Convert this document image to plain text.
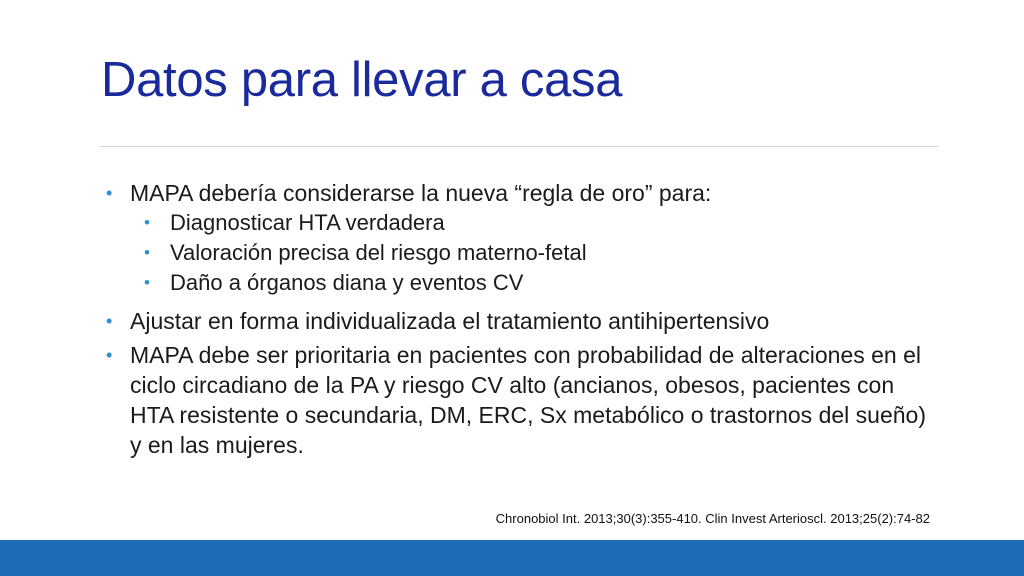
Datos para llevar a casa
• MAPA debería considerarse la nueva “regla de oro” para:
• Diagnosticar HTA verdadera
• Valoración precisa del riesgo materno-fetal
• Daño a órganos diana y eventos CV
• Ajustar en forma individualizada el tratamiento antihipertensivo
• MAPA debe ser prioritaria en pacientes con probabilidad de alteraciones en el ciclo circadiano de la PA y riesgo CV alto (ancianos, obesos, pacientes con HTA resistente o secundaria, DM, ERC, Sx metabólico o trastornos del sueño) y en las mujeres.
Chronobiol Int. 2013;30(3):355-410. Clin Invest Arterioscl. 2013;25(2):74-82
